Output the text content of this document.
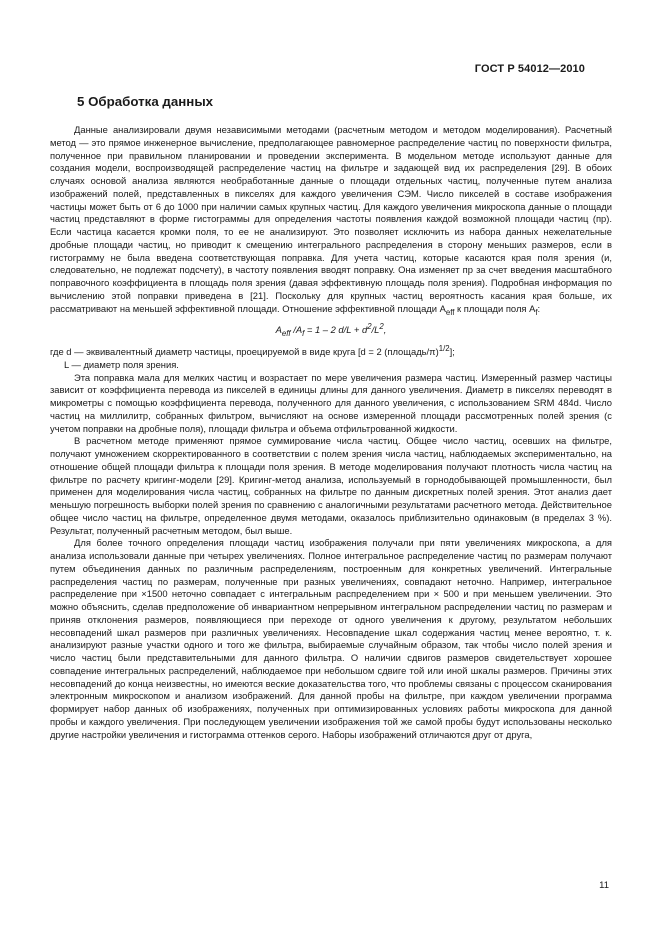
ГОСТ Р 54012—2010
5 Обработка данных

Данные анализировали двумя независимыми методами (расчетным методом и методом моделирования). Расчетный метод — это прямое инженерное вычисление, предполагающее равномерное распределение частиц по поверхности фильтра, полученное при правильном планировании и проведении эксперимента. В модельном методе используют данные для создания модели, воспроизводящей распределение частиц на фильтре и задающей вид их распределения [29]. В обоих случаях основой анализа являются необработанные данные о площади отдельных частиц, полученные путем анализа изображений полей, представленных в пикселях для каждого увеличения СЭМ. Число пикселей в составе изображения частицы может быть от 6 до 1000 при наличии самых крупных частиц. Для каждого увеличения микроскопа данные о площади частиц представляют в форме гистограммы для определения частоты появления каждой возможной площади частиц (пр). Если частица касается кромки поля, то ее не анализируют. Это позволяет исключить из набора данных нежелательные дробные площади частиц, но приводит к смещению интегрального распределения в сторону меньших размеров, если в гистограмму не была введена соответствующая поправка. Для учета частиц, которые касаются края поля зрения (и, следовательно, не подлежат подсчету), в частоту появления вводят поправку. Она изменяет пр за счет введения масштабного поправочного коэффициента в площадь поля зрения (давая эффективную площадь поля зрения). Подробная информация по вычислению этой поправки приведена в [21]. Поскольку для крупных частиц вероятность касания края больше, их рассматривают на меньшей эффективной площади. Отношение эффективной площади $A_{eff}$ к площади поля $A_f$:

$A_{eff}$ $/A_f = 1 - 2$ $d/L + d^2/L^2$,

где d — эквивалентный диаметр частицы, проецируемой в виде круга [d = 2 (площадь/π)$^{1/2}$];

L — диаметр поля зрения.

Эта поправка мала для мелких частиц и возрастает по мере увеличения размера частиц. Измеренный размер частицы зависит от коэффициента перевода из пикселей в единицы длины для данного увеличения. Диаметр в пикселях переводят в микрометры с помощью коэффициента перевода, полученного для данного увеличения, с использованием SRM 484d. Число частиц на миллилитр, собранных фильтром, вычисляют на основе измеренной площади рассмотренных полей зрения (с учетом поправки на дробные поля), площади фильтра и объема отфильтрованной жидкости.

В расчетном методе применяют прямое суммирование числа частиц. Общее число частиц, осевших на фильтре, получают умножением скорректированного в соответствии с полем зрения числа частиц, наблюдаемых экспериментально, на отношение общей площади фильтра к площади поля зрения. В методе моделирования получают плотность числа частиц на фильтре по расчету кригинг-модели [29]. Кригинг-метод анализа, используемый в горнодобывающей промышленности, был применен для моделирования числа частиц, собранных на фильтре по данным дискретных полей зрения. Этот анализ дает меньшую погрешность выборки полей зрения по сравнению с аналогичными результатами расчетного метода. Действительное общее число частиц на фильтре, определенное двумя методами, оказалось приблизительно одинаковым (в пределах 3 %). Результат, полученный расчетным методом, был выше.

Для более точного определения площади частиц изображения получали при пяти увеличениях микроскопа, а для анализа использовали данные при четырех увеличениях. Полное интегральное распределение частиц по размерам получают путем объединения данных по различным распределениям, построенным для конкретных увеличений. Интегральные распределения частиц по размерам, полученные при разных увеличениях, совпадают неточно. Например, интегральное распределение при ×1500 неточно совпадает с интегральным распределением при × 500 и при меньшем увеличении. Это можно объяснить, сделав предположение об инвариантном непрерывном интегральном распределении частиц по размерам и приняв отклонения размеров, появляющиеся при переходе от одного увеличения к другому, результатом небольших несовпадений шкал размеров при различных увеличениях. Несовпадение шкал содержания частиц менее вероятно, т. к. анализируют разные участки одного и того же фильтра, выбираемые случайным образом, так чтобы число полей зрения и число частиц были представительными для данного фильтра. О наличии сдвигов размеров свидетельствует хорошее совпадение интегральных распределений, наблюдаемое при небольшом сдвиге той или иной шкалы размеров. Причины этих несовпадений до конца неизвестны, но имеются веские доказательства того, что проблемы связаны с процессом сканирования электронным микроскопом и анализом изображений. Для данной пробы на фильтре, при каждом увеличении программа формирует набор данных об изображениях, полученных при оптимизированных условиях работы микроскопа для данной пробы и каждого увеличения. При последующем увеличении изображения той же самой пробы будут использованы несколько другие настройки увеличения и гистограмма оттенков серого. Наборы изображений отличаются друг от друга,

11
